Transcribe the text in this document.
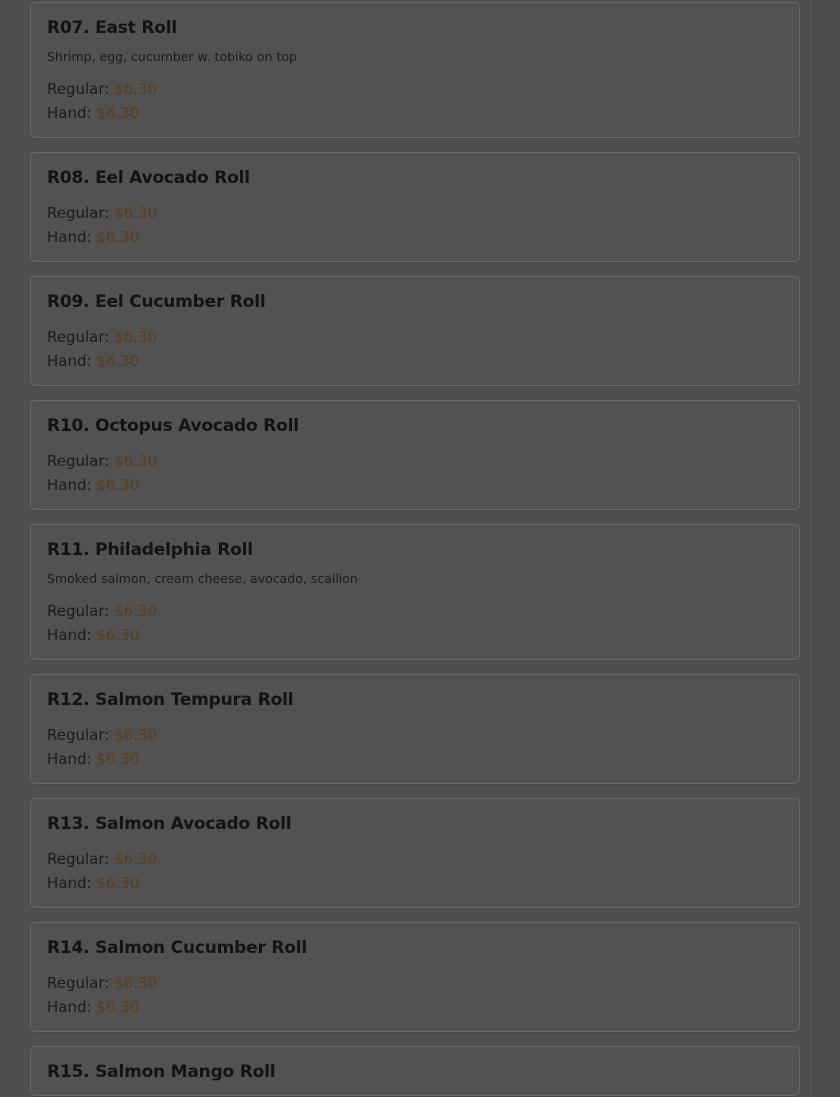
R07. East Roll
Shrimp, egg, cucumber w. tobiko on top
Regular: $6.30
Hand: $6.30
R08. Eel Avocado Roll
Regular: $6.30
Hand: $6.30
R09. Eel Cucumber Roll
Regular: $6.30
Hand: $6.30
R10. Octopus Avocado Roll
Regular: $6.30
Hand: $6.30
R11. Philadelphia Roll
Smoked salmon, cream cheese, avocado, scallion
Regular: $6.30
Hand: $6.30
R12. Salmon Tempura Roll
Regular: $6.30
Hand: $6.30
R13. Salmon Avocado Roll
Regular: $6.30
Hand: $6.30
R14. Salmon Cucumber Roll
Regular: $6.30
Hand: $6.30
R15. Salmon Mango Roll
